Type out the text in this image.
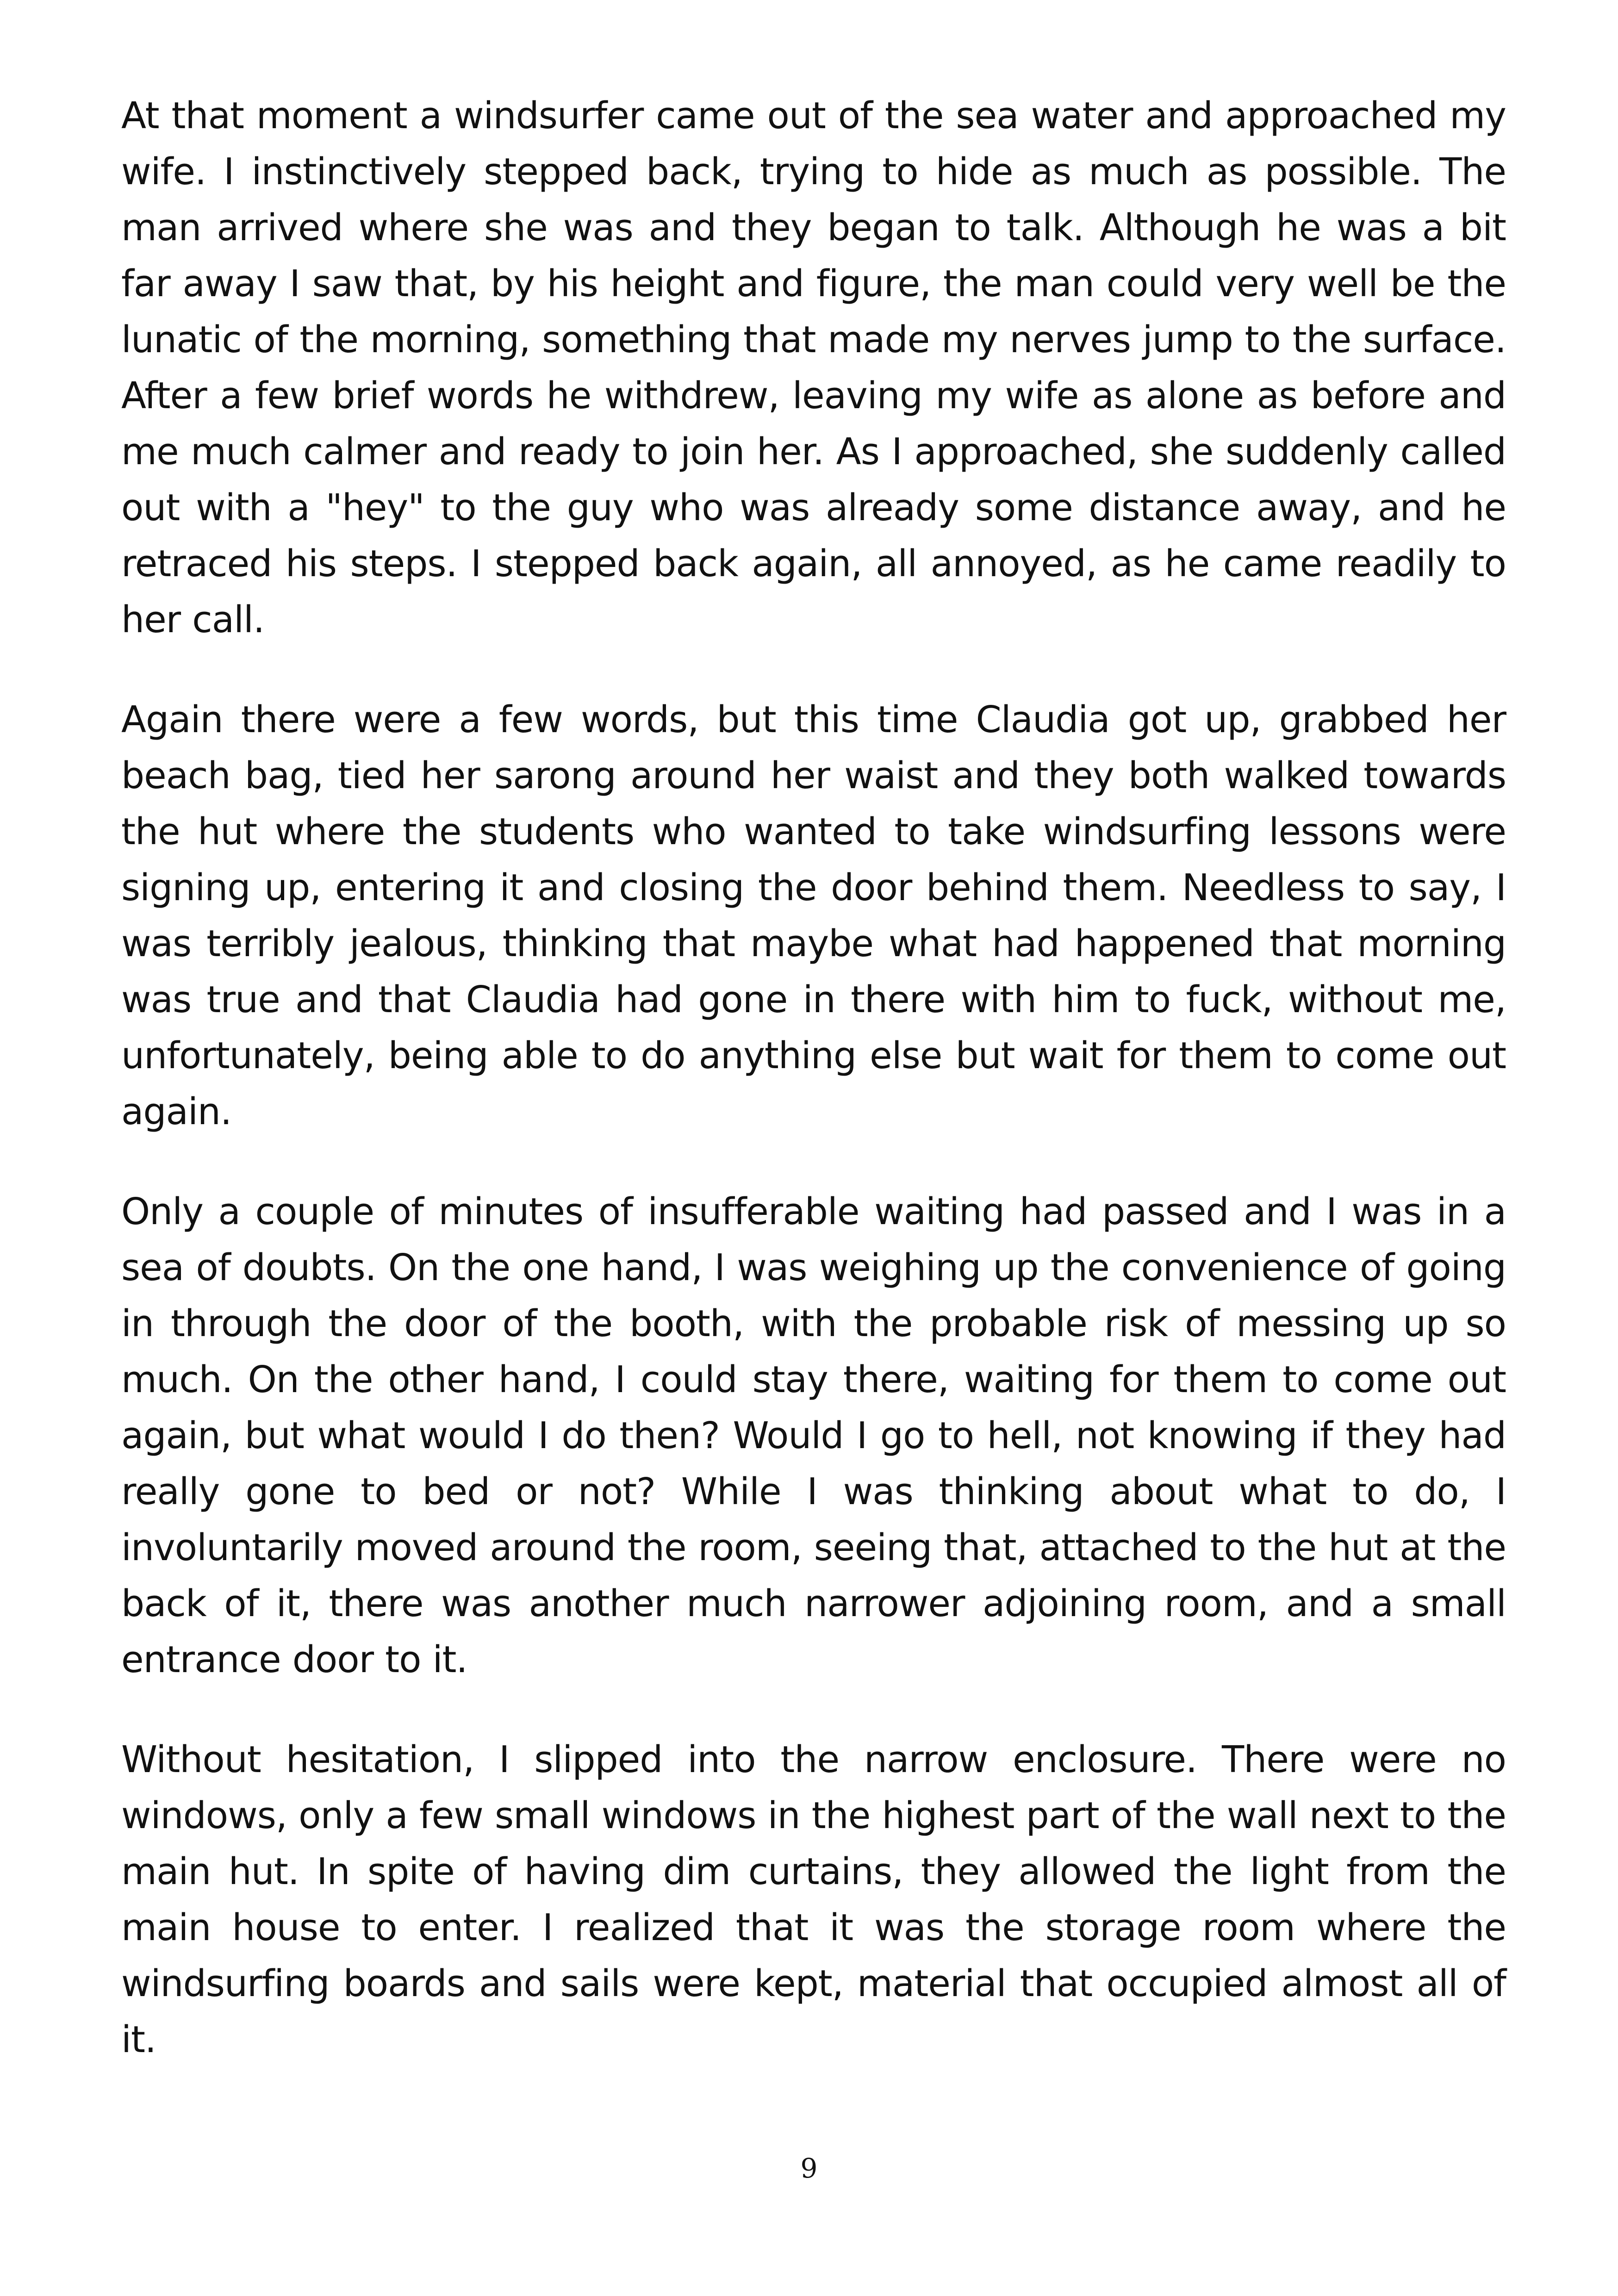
At that moment a windsurfer came out of the sea water and approached my wife. I instinctively stepped back, trying to hide as much as possible. The man arrived where she was and they began to talk. Although he was a bit far away I saw that, by his height and figure, the man could very well be the lunatic of the morning, something that made my nerves jump to the surface. After a few brief words he withdrew, leaving my wife as alone as before and me much calmer and ready to join her. As I approached, she suddenly called out with a "hey" to the guy who was already some distance away, and he retraced his steps. I stepped back again, all annoyed, as he came readily to her call.

Again there were a few words, but this time Claudia got up, grabbed her beach bag, tied her sarong around her waist and they both walked towards the hut where the students who wanted to take windsurfing lessons were signing up, entering it and closing the door behind them. Needless to say, I was terribly jealous, thinking that maybe what had happened that morning was true and that Claudia had gone in there with him to fuck, without me, unfortunately, being able to do anything else but wait for them to come out again.

Only a couple of minutes of insufferable waiting had passed and I was in a sea of doubts. On the one hand, I was weighing up the convenience of going in through the door of the booth, with the probable risk of messing up so much. On the other hand, I could stay there, waiting for them to come out again, but what would I do then? Would I go to hell, not knowing if they had really gone to bed or not? While I was thinking about what to do, I involuntarily moved around the room, seeing that, attached to the hut at the back of it, there was another much narrower adjoining room, and a small entrance door to it.

Without hesitation, I slipped into the narrow enclosure. There were no windows, only a few small windows in the highest part of the wall next to the main hut. In spite of having dim curtains, they allowed the light from the main house to enter. I realized that it was the storage room where the windsurfing boards and sails were kept, material that occupied almost all of it.

9
